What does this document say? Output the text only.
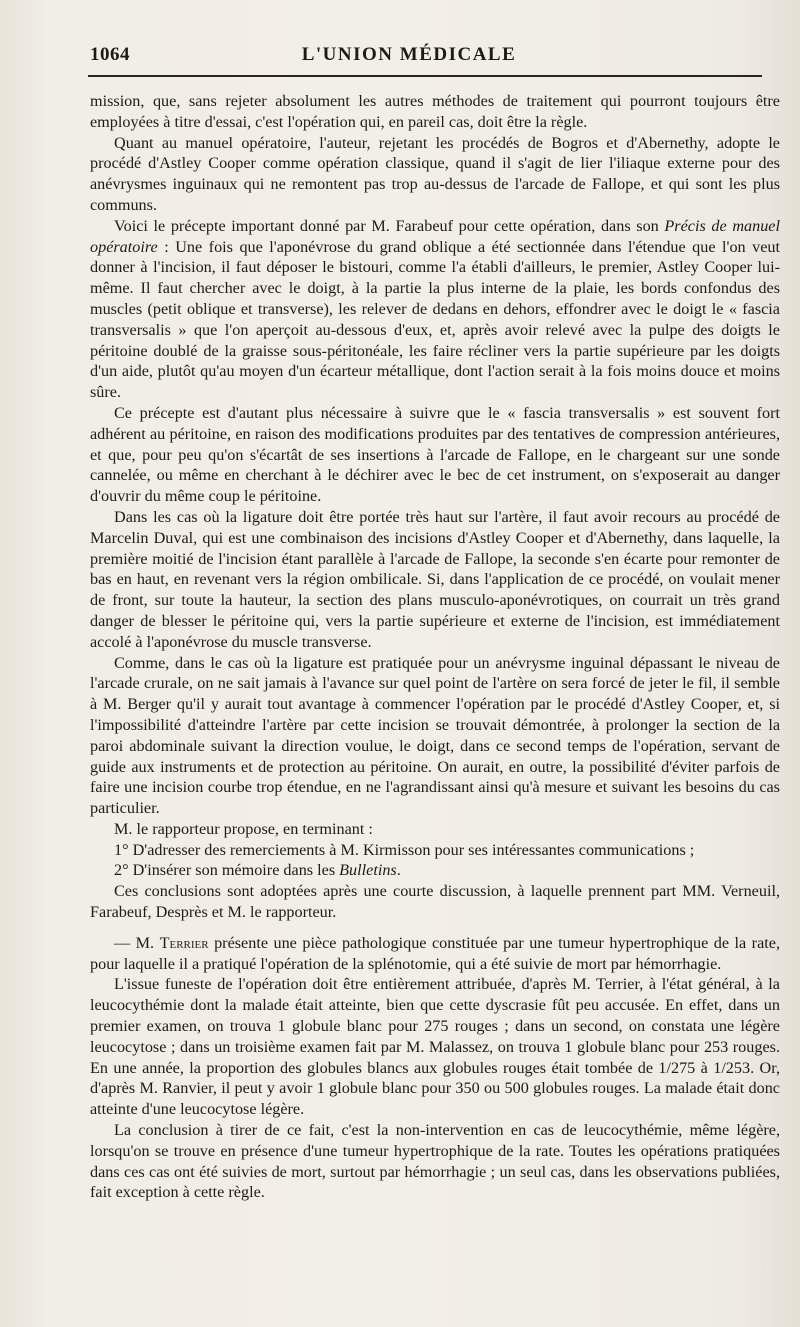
1064	L'UNION MÉDICALE

mission, que, sans rejeter absolument les autres méthodes de traitement qui pourront toujours être employées à titre d'essai, c'est l'opération qui, en pareil cas, doit être la règle.

Quant au manuel opératoire, l'auteur, rejetant les procédés de Bogros et d'Abernethy, adopte le procédé d'Astley Cooper comme opération classique, quand il s'agit de lier l'iliaque externe pour des anévrysmes inguinaux qui ne remontent pas trop au-dessus de l'arcade de Fallope, et qui sont les plus communs.

Voici le précepte important donné par M. Farabeuf pour cette opération, dans son Précis de manuel opératoire : Une fois que l'aponévrose du grand oblique a été sectionnée dans l'étendue que l'on veut donner à l'incision, il faut déposer le bistouri, comme l'a établi d'ailleurs, le premier, Astley Cooper lui-même. Il faut chercher avec le doigt, à la partie la plus interne de la plaie, les bords confondus des muscles (petit oblique et transverse), les relever de dedans en dehors, effondrer avec le doigt le « fascia transversalis » que l'on aperçoit au-dessous d'eux, et, après avoir relevé avec la pulpe des doigts le péritoine doublé de la graisse sous-péritonéale, les faire récliner vers la partie supérieure par les doigts d'un aide, plutôt qu'au moyen d'un écarteur métallique, dont l'action serait à la fois moins douce et moins sûre.

Ce précepte est d'autant plus nécessaire à suivre que le « fascia transversalis » est souvent fort adhérent au péritoine, en raison des modifications produites par des tentatives de compression antérieures, et que, pour peu qu'on s'écartât de ses insertions à l'arcade de Fallope, en le chargeant sur une sonde cannelée, ou même en cherchant à le déchirer avec le bec de cet instrument, on s'exposerait au danger d'ouvrir du même coup le péritoine.

Dans les cas où la ligature doit être portée très haut sur l'artère, il faut avoir recours au procédé de Marcelin Duval, qui est une combinaison des incisions d'Astley Cooper et d'Abernethy, dans laquelle, la première moitié de l'incision étant parallèle à l'arcade de Fallope, la seconde s'en écarte pour remonter de bas en haut, en revenant vers la région ombilicale. Si, dans l'application de ce procédé, on voulait mener de front, sur toute la hauteur, la section des plans musculo-aponévrotiques, on courrait un très grand danger de blesser le péritoine qui, vers la partie supérieure et externe de l'incision, est immédiatement accolé à l'aponévrose du muscle transverse.

Comme, dans le cas où la ligature est pratiquée pour un anévrysme inguinal dépassant le niveau de l'arcade crurale, on ne sait jamais à l'avance sur quel point de l'artère on sera forcé de jeter le fil, il semble à M. Berger qu'il y aurait tout avantage à commencer l'opération par le procédé d'Astley Cooper, et, si l'impossibilité d'atteindre l'artère par cette incision se trouvait démontrée, à prolonger la section de la paroi abdominale suivant la direction voulue, le doigt, dans ce second temps de l'opération, servant de guide aux instruments et de protection au péritoine. On aurait, en outre, la possibilité d'éviter parfois de faire une incision courbe trop étendue, en ne l'agrandissant ainsi qu'à mesure et suivant les besoins du cas particulier.

M. le rapporteur propose, en terminant :

1° D'adresser des remerciements à M. Kirmisson pour ses intéressantes communications ;

2° D'insérer son mémoire dans les Bulletins.

Ces conclusions sont adoptées après une courte discussion, à laquelle prennent part MM. Verneuil, Farabeuf, Desprès et M. le rapporteur.

— M. Terrier présente une pièce pathologique constituée par une tumeur hypertrophique de la rate, pour laquelle il a pratiqué l'opération de la splénotomie, qui a été suivie de mort par hémorrhagie.

L'issue funeste de l'opération doit être entièrement attribuée, d'après M. Terrier, à l'état général, à la leucocythémie dont la malade était atteinte, bien que cette dyscrasie fût peu accusée. En effet, dans un premier examen, on trouva 1 globule blanc pour 275 rouges ; dans un second, on constata une légère leucocytose ; dans un troisième examen fait par M. Malassez, on trouva 1 globule blanc pour 253 rouges. En une année, la proportion des globules blancs aux globules rouges était tombée de 1/275 à 1/253. Or, d'après M. Ranvier, il peut y avoir 1 globule blanc pour 350 ou 500 globules rouges. La malade était donc atteinte d'une leucocytose légère.

La conclusion à tirer de ce fait, c'est la non-intervention en cas de leucocythémie, même légère, lorsqu'on se trouve en présence d'une tumeur hypertrophique de la rate. Toutes les opérations pratiquées dans ces cas ont été suivies de mort, surtout par hémorrhagie ; un seul cas, dans les observations publiées, fait exception à cette règle.
